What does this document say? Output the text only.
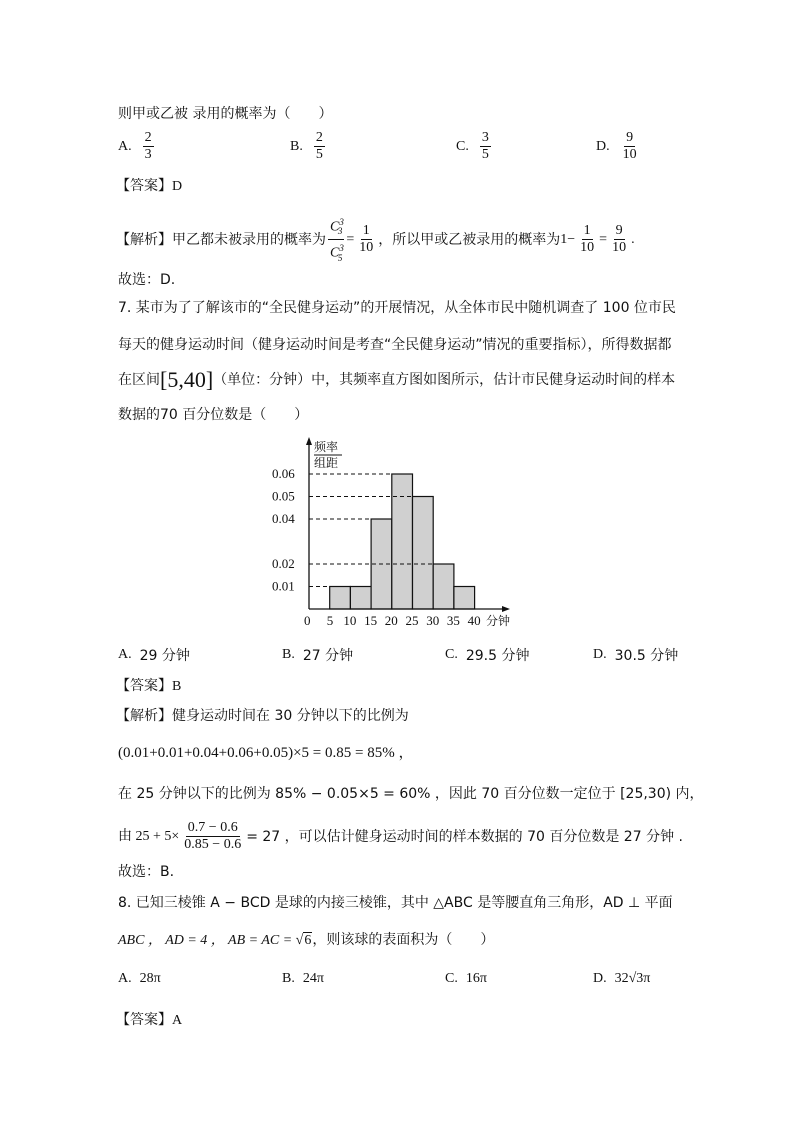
则甲或乙被 录用的概率为（　　）
A. $\frac{2}{3}$	B. $\frac{2}{5}$	C. $\frac{3}{5}$	D. $\frac{9}{10}$
【答案】D
【解析】 甲乙都未被录用的概率为 $\frac{C^3_3}{C^3_5} = \frac{1}{10}$ ，所以甲或乙被录用的概率为 $1- \frac{1}{10} = \frac{9}{10}$ .
故选：D.
7. 某市为了了解该市的“全民健身运动”的开展情况，从全体市民中随机调查了 100 位市民
每天的健身运动时间（健身运动时间是考查“全民健身运动”情况的重要指标），所得数据都
在区间[5,40]（单位：分钟）中，其频率直方图如图所示，估计市民健身运动时间的样本
数据的70 百分位数是（　　）
0.01
0.02
0.04
0.05
0.06
0 5 10 15 20 25 30 35 40
频率
组距
分钟
A. 29 分钟	B. 27 分钟	C. 29.5 分钟	D. 30.5 分钟
【答案】B
【解析】健身运动时间在 30 分钟以下的比例为
(0.01+0.01+0.04+0.06+0.05)×5 = 0.85 = 85% ，
在 25 分钟以下的比例为 85% − 0.05×5 = 60% ，因此 70 百分位数一定位于 [25,30) 内，
由 $25 + 5\times \frac{0.7 - 0.6}{0.85 - 0.6} = 27$ ，可以估计健身运动时间的样本数据的 70 百分位数是 27 分钟 .
故选：B.
8. 已知三棱锥 A − BCD 是球的内接三棱锥，其中 △ABC 是等腰直角三角形，AD ⊥ 平面
ABC ， AD = 4 ， AB = AC = √6，则该球的表面积为（　　）
A. 28π	B. 24π	C. 16π	D. 32√3π
【答案】A
